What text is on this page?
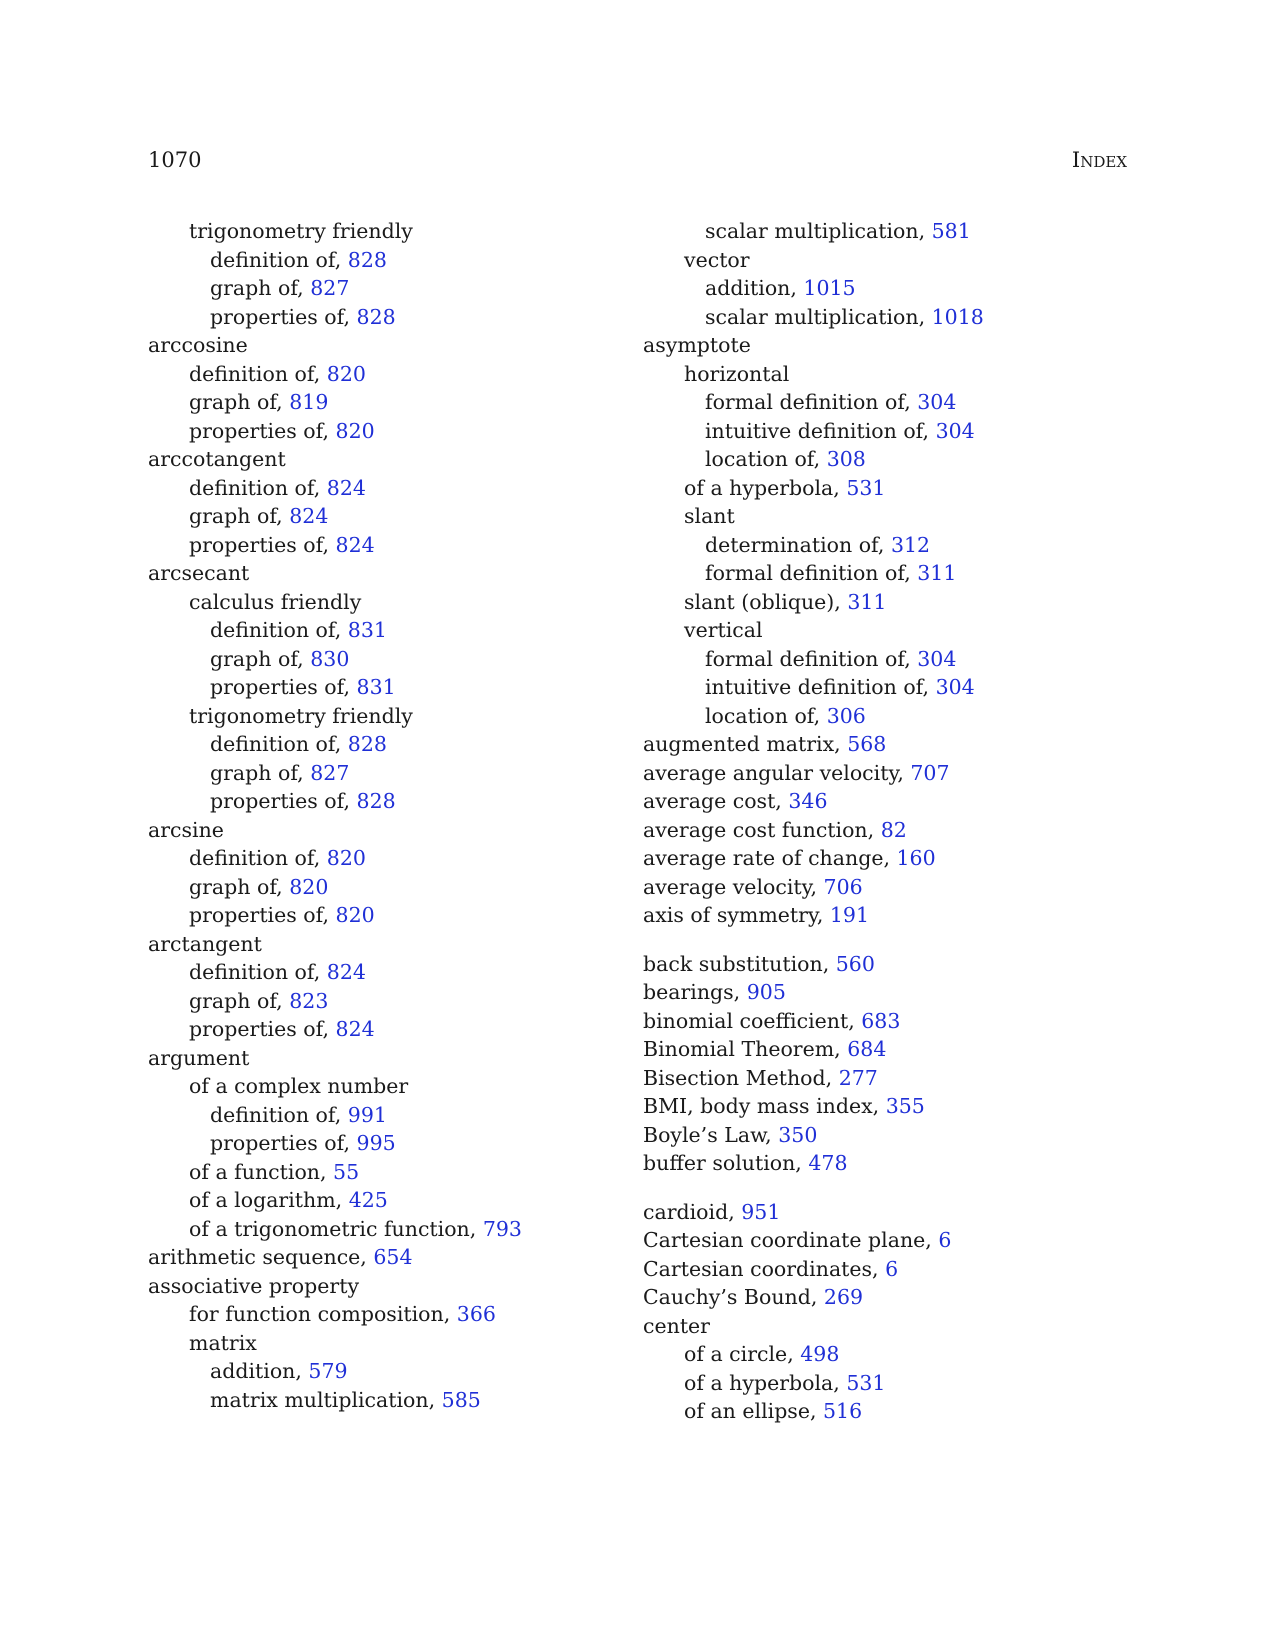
1070	Index
trigonometry friendly
definition of, 828
graph of, 827
properties of, 828
arccosine
definition of, 820
graph of, 819
properties of, 820
arccotangent
definition of, 824
graph of, 824
properties of, 824
arcsecant
calculus friendly
definition of, 831
graph of, 830
properties of, 831
trigonometry friendly
definition of, 828
graph of, 827
properties of, 828
arcsine
definition of, 820
graph of, 820
properties of, 820
arctangent
definition of, 824
graph of, 823
properties of, 824
argument
of a complex number
definition of, 991
properties of, 995
of a function, 55
of a logarithm, 425
of a trigonometric function, 793
arithmetic sequence, 654
associative property
for function composition, 366
matrix
addition, 579
matrix multiplication, 585
scalar multiplication, 581
vector
addition, 1015
scalar multiplication, 1018
asymptote
horizontal
formal definition of, 304
intuitive definition of, 304
location of, 308
of a hyperbola, 531
slant
determination of, 312
formal definition of, 311
slant (oblique), 311
vertical
formal definition of, 304
intuitive definition of, 304
location of, 306
augmented matrix, 568
average angular velocity, 707
average cost, 346
average cost function, 82
average rate of change, 160
average velocity, 706
axis of symmetry, 191
back substitution, 560
bearings, 905
binomial coefficient, 683
Binomial Theorem, 684
Bisection Method, 277
BMI, body mass index, 355
Boyle’s Law, 350
buffer solution, 478
cardioid, 951
Cartesian coordinate plane, 6
Cartesian coordinates, 6
Cauchy’s Bound, 269
center
of a circle, 498
of a hyperbola, 531
of an ellipse, 516
